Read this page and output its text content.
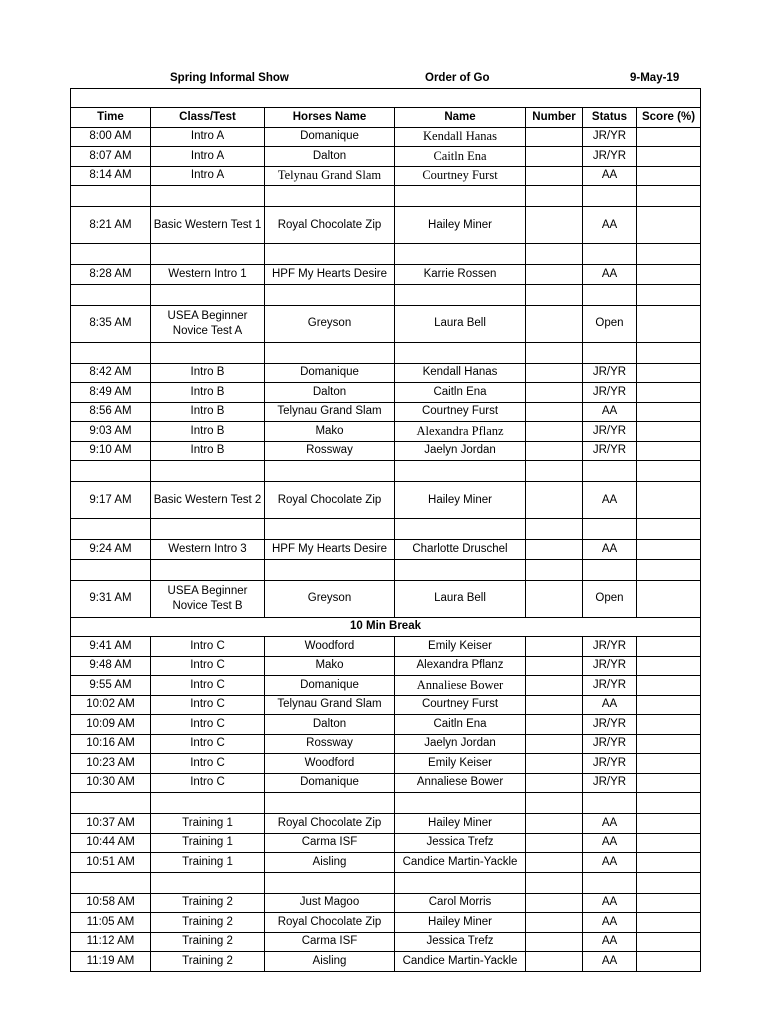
Spring Informal Show	Order of Go	9-May-19

Time	Class/Test	Horses Name	Name	Number	Status	Score (%)
8:00 AM	Intro A	Domanique	Kendall Hanas		JR/YR	
8:07 AM	Intro A	Dalton	Caitln Ena		JR/YR	
8:14 AM	Intro A	Telynau Grand Slam	Courtney Furst		AA	

8:21 AM	Basic Western Test 1	Royal Chocolate Zip	Hailey Miner		AA	

8:28 AM	Western Intro 1	HPF My Hearts Desire	Karrie Rossen		AA	

8:35 AM	USEA Beginner Novice Test A	Greyson	Laura Bell		Open	

8:42 AM	Intro B	Domanique	Kendall Hanas		JR/YR	
8:49 AM	Intro B	Dalton	Caitln Ena		JR/YR	
8:56 AM	Intro B	Telynau Grand Slam	Courtney Furst		AA	
9:03 AM	Intro B	Mako	Alexandra Pflanz		JR/YR	
9:10 AM	Intro B	Rossway	Jaelyn Jordan		JR/YR	

9:17 AM	Basic Western Test 2	Royal Chocolate Zip	Hailey Miner		AA	

9:24 AM	Western Intro 3	HPF My Hearts Desire	Charlotte Druschel		AA	

9:31 AM	USEA Beginner Novice Test B	Greyson	Laura Bell		Open	
10 Min Break						
9:41 AM	Intro C	Woodford	Emily Keiser		JR/YR	
9:48 AM	Intro C	Mako	Alexandra Pflanz		JR/YR	
9:55 AM	Intro C	Domanique	Annaliese Bower		JR/YR	
10:02 AM	Intro C	Telynau Grand Slam	Courtney Furst		AA	
10:09 AM	Intro C	Dalton	Caitln Ena		JR/YR	
10:16 AM	Intro C	Rossway	Jaelyn Jordan		JR/YR	
10:23 AM	Intro C	Woodford	Emily Keiser		JR/YR	
10:30 AM	Intro C	Domanique	Annaliese Bower		JR/YR	

10:37 AM	Training 1	Royal Chocolate Zip	Hailey Miner		AA	
10:44 AM	Training 1	Carma ISF	Jessica Trefz		AA	
10:51 AM	Training 1	Aisling	Candice Martin-Yackle		AA	

10:58 AM	Training 2	Just Magoo	Carol Morris		AA	
11:05 AM	Training 2	Royal Chocolate Zip	Hailey Miner		AA	
11:12 AM	Training 2	Carma ISF	Jessica Trefz		AA	
11:19 AM	Training 2	Aisling	Candice Martin-Yackle		AA	
